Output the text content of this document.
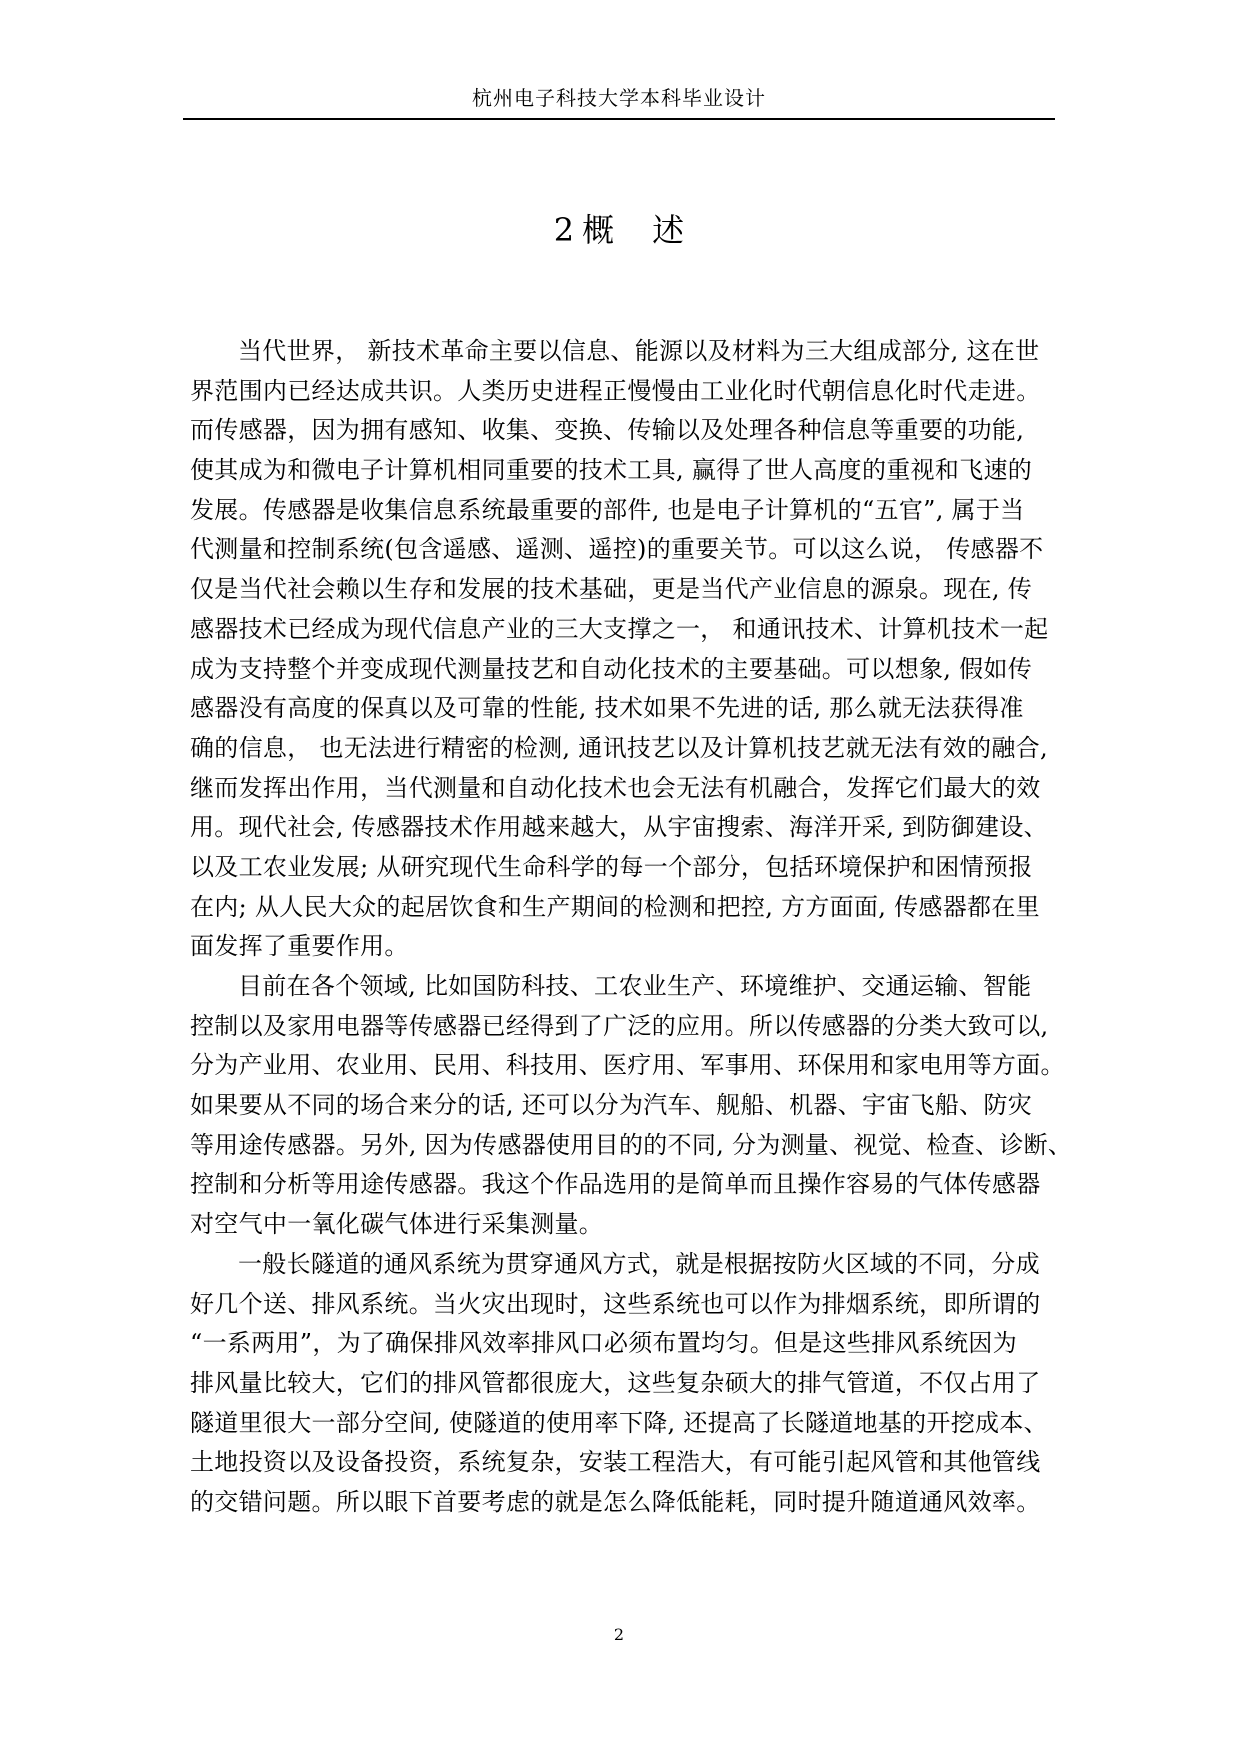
杭州电子科技大学本科毕业设计
2 概 述
当代世界， 新技术革命主要以信息、能源以及材料为三大组成部分, 这在世
界范围内已经达成共识。人类历史进程正慢慢由工业化时代朝信息化时代走进。
而传感器，因为拥有感知、收集、变换、传输以及处理各种信息等重要的功能,
使其成为和微电子计算机相同重要的技术工具, 赢得了世人高度的重视和飞速的
发展。传感器是收集信息系统最重要的部件, 也是电子计算机的“五官”, 属于当
代测量和控制系统(包含遥感、遥测、遥控)的重要关节。可以这么说， 传感器不
仅是当代社会赖以生存和发展的技术基础，更是当代产业信息的源泉。现在, 传
感器技术已经成为现代信息产业的三大支撑之一， 和通讯技术、计算机技术一起
成为支持整个并变成现代测量技艺和自动化技术的主要基础。可以想象, 假如传
感器没有高度的保真以及可靠的性能, 技术如果不先进的话, 那么就无法获得准
确的信息， 也无法进行精密的检测, 通讯技艺以及计算机技艺就无法有效的融合,
继而发挥出作用，当代测量和自动化技术也会无法有机融合，发挥它们最大的效
用。现代社会, 传感器技术作用越来越大，从宇宙搜索、海洋开采, 到防御建设、
以及工农业发展; 从研究现代生命科学的每一个部分，包括环境保护和困情预报
在内; 从人民大众的起居饮食和生产期间的检测和把控, 方方面面, 传感器都在里
面发挥了重要作用。
目前在各个领域, 比如国防科技、工农业生产、环境维护、交通运输、智能
控制以及家用电器等传感器已经得到了广泛的应用。所以传感器的分类大致可以,
分为产业用、农业用、民用、科技用、医疗用、军事用、环保用和家电用等方面。
如果要从不同的场合来分的话, 还可以分为汽车、舰船、机器、宇宙飞船、防灾
等用途传感器。另外, 因为传感器使用目的的不同, 分为测量、视觉、检查、诊断、
控制和分析等用途传感器。我这个作品选用的是简单而且操作容易的气体传感器
对空气中一氧化碳气体进行采集测量。
一般长隧道的通风系统为贯穿通风方式，就是根据按防火区域的不同，分成
好几个送、排风系统。当火灾出现时，这些系统也可以作为排烟系统，即所谓的
“一系两用”，为了确保排风效率排风口必须布置均匀。但是这些排风系统因为
排风量比较大，它们的排风管都很庞大，这些复杂硕大的排气管道，不仅占用了
隧道里很大一部分空间, 使隧道的使用率下降, 还提高了长隧道地基的开挖成本、
土地投资以及设备投资，系统复杂，安装工程浩大，有可能引起风管和其他管线
的交错问题。所以眼下首要考虑的就是怎么降低能耗，同时提升随道通风效率。
2
